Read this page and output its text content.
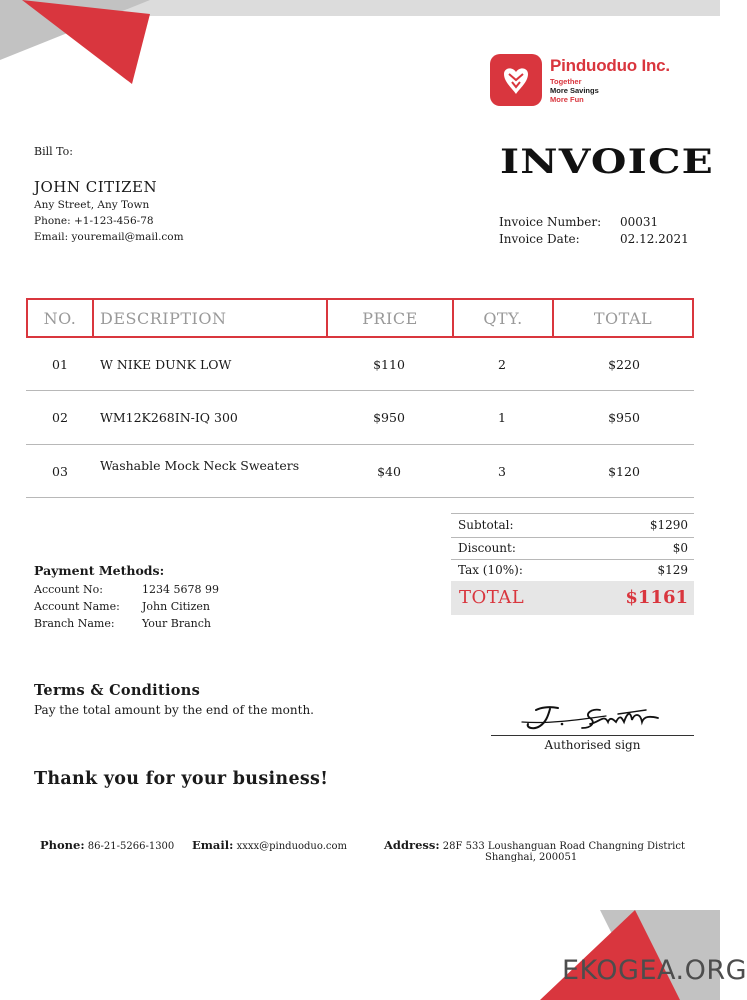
Pinduoduo Inc.
Together
More Savings
More Fun
Bill To:
JOHN CITIZEN
Any Street, Any Town
Phone: +1-123-456-78
Email: youremail@mail.com
INVOICE
Invoice Number: 00031
Invoice Date:	02.12.2021
NO.	DESCRIPTION	PRICE	QTY.	TOTAL
01	W NIKE DUNK LOW	$110	2	$220
02	WM12K268IN-IQ 300	$950	1	$950
03	Washable Mock Neck Sweaters	$40	3	$120
Subtotal:	$1290
Discount:	$0
Tax (10%):	$129
TOTAL	$1161
Payment Methods:
Account No:	1234 5678 99
Account Name: John Citizen
Branch Name: Your Branch
Terms & Conditions
Pay the total amount by the end of the month.
Authorised sign
Thank you for your business!
Phone: 86-21-5266-1300 Email: xxxx@pinduoduo.com	Address: 28F 533 Loushanguan Road Changning District
Shanghai, 200051
EKOGEA.ORG
